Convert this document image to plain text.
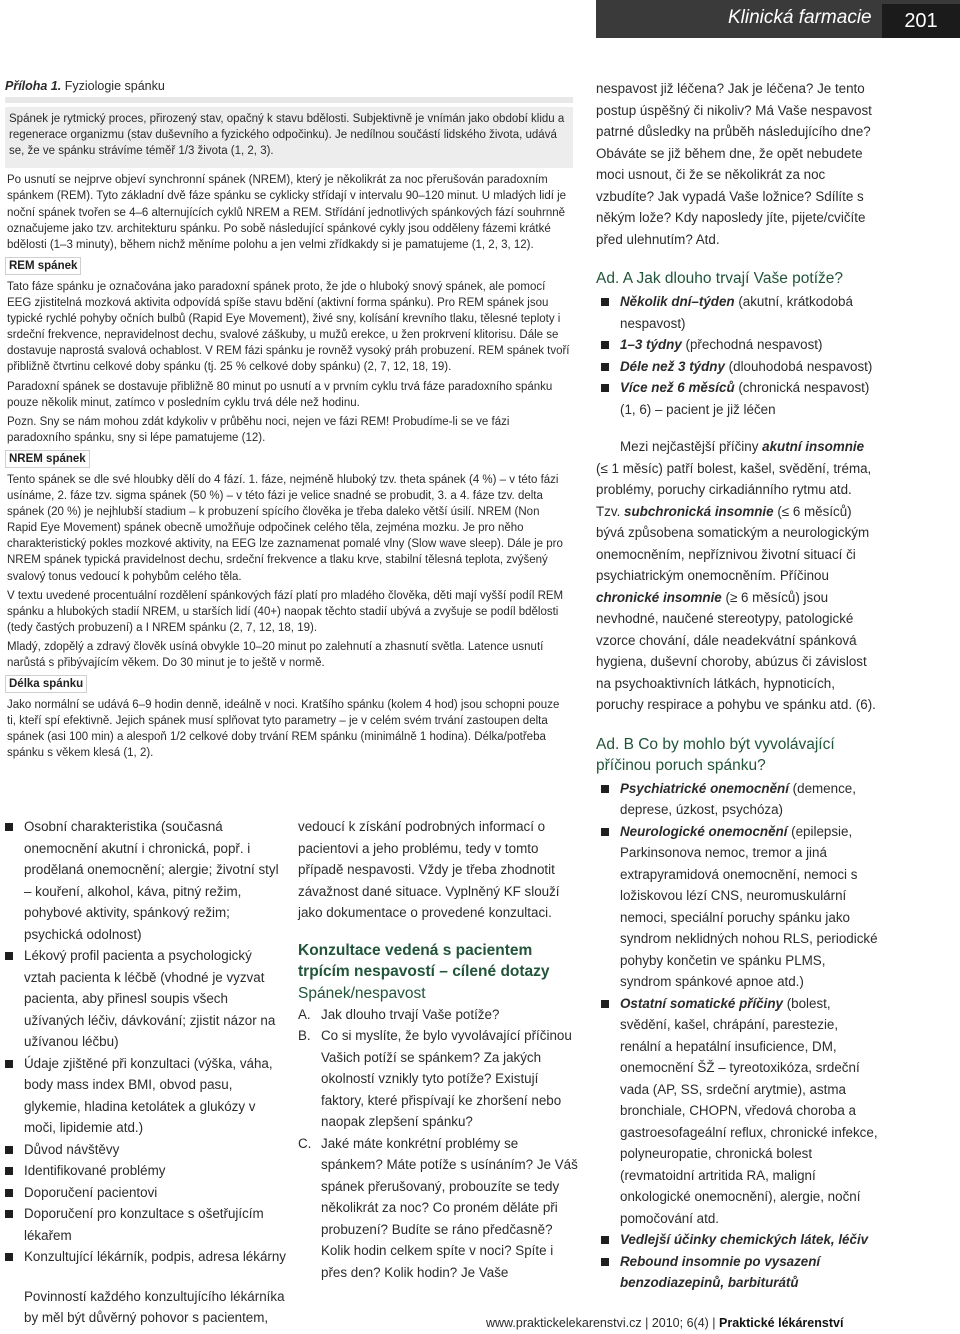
Klinická farmacie	201
Příloha 1. Fyziologie spánku
Spánek je rytmický proces, přirozený stav, opačný k stavu bdělosti. Subjektivně je vnímán jako období klidu a regenerace organizmu (stav duševního a fyzického odpočinku). Je nedílnou součástí lidského života, udává se, že ve spánku strávíme téměř 1/3 života (1, 2, 3).
Po usnutí se nejprve objeví synchronní spánek (NREM), který je několikrát za noc přerušován paradoxním spánkem (REM). Tyto základní dvě fáze spánku se cyklicky střídají v intervalu 90–120 minut. U mladých lidí je noční spánek tvořen se 4–6 alternujících cyklů NREM a REM. Střídání jednotlivých spánkových fází souhrnně označujeme jako tzv. architekturu spánku. Po sobě následující spánkové cykly jsou odděleny fázemi krátké bdělosti (1–3 minuty), během nichž měníme polohu a jen velmi zřídkakdy si je pamatujeme (1, 2, 3, 12).
REM spánek
Tato fáze spánku je označována jako paradoxní spánek proto, že jde o hluboký snový spánek, ale pomocí EEG zjistitelná mozková aktivita odpovídá spíše stavu bdění (aktivní forma spánku). Pro REM spánek jsou typické rychlé pohyby očních bulbů (Rapid Eye Movement), živé sny, kolísání krevního tlaku, tělesné teploty i srdeční frekvence, nepravidelnost dechu, svalové záškuby, u mužů erekce, u žen prokrvení klitorisu. Dále se dostavuje naprostá svalová ochablost. V REM fázi spánku je rovněž vysoký práh probuzení. REM spánek tvoří přibližně čtvrtinu celkové doby spánku (tj. 25 % celkové doby spánku) (2, 7, 12, 18, 19).
Paradoxní spánek se dostavuje přibližně 80 minut po usnutí a v prvním cyklu trvá fáze paradoxního spánku pouze několik minut, zatímco v posledním cyklu trvá déle než hodinu.
Pozn. Sny se nám mohou zdát kdykoliv v průběhu noci, nejen ve fázi REM! Probudíme-li se ve fázi paradoxního spánku, sny si lépe pamatujeme (12).
NREM spánek
Tento spánek se dle své hloubky dělí do 4 fází. 1. fáze, nejméně hluboký tzv. theta spánek (4 %) – v této fázi usínáme, 2. fáze tzv. sigma spánek (50 %) – v této fázi je velice snadné se probudit, 3. a 4. fáze tzv. delta spánek (20 %) je nejhlubší stadium – k probuzení spícího člověka je třeba daleko větší úsilí. NREM (Non Rapid Eye Movement) spánek obecně umožňuje odpočinek celého těla, zejména mozku. Je pro něho charakteristický pokles mozkové aktivity, na EEG lze zaznamenat pomalé vlny (Slow wave sleep). Dále je pro NREM spánek typická pravidelnost dechu, srdeční frekvence a tlaku krve, stabilní tělesná teplota, zvýšený svalový tonus vedoucí k pohybům celého těla.
V textu uvedené procentuální rozdělení spánkových fází platí pro mladého člověka, děti mají vyšší podíl REM spánku a hlubokých stadií NREM, u starších lidí (40+) naopak těchto stadií ubývá a zvyšuje se podíl bdělosti (tedy častých probuzení) a I NREM spánku (2, 7, 12, 18, 19).
Mladý, zdopělý a zdravý člověk usíná obvykle 10–20 minut po zalehnutí a zhasnutí světla. Latence usnutí narůstá s přibývajícím věkem. Do 30 minut je to ještě v normě.
Délka spánku
Jako normální se udává 6–9 hodin denně, ideálně v noci. Kratšího spánku (kolem 4 hod) jsou schopni pouze ti, kteří spí efektivně. Jejich spánek musí splňovat tyto parametry – je v celém svém trvání zastoupen delta spánek (asi 100 min) a alespoň 1/2 celkové doby trvání REM spánku (minimálně 1 hodina). Délka/potřeba spánku s věkem klesá (1, 2).
Osobní charakteristika (současná onemocnění akutní i chronická, popř. i prodělaná onemocnění; alergie; životní styl – kouření, alkohol, káva, pitný režim, pohybové aktivity, spánkový režim; psychická odolnost)
Lékový profil pacienta a psychologický vztah pacienta k léčbě (vhodné je vyzvat pacienta, aby přinesl soupis všech užívaných léčiv, dávkování; zjistit názor na užívanou léčbu)
Údaje zjištěné při konzultaci (výška, váha, body mass index BMI, obvod pasu, glykemie, hladina ketolátek a glukózy v moči, lipidemie atd.)
Důvod návštěvy
Identifikované problémy
Doporučení pacientovi
Doporučení pro konzultace s ošetřujícím lékařem
Konzultující lékárník, podpis, adresa lékárny
Povinností každého konzultujícího lékárníka by měl být důvěrný pohovor s pacientem,
vedoucí k získání podrobných informací o pacientovi a jeho problému, tedy v tomto případě nespavosti. Vždy je třeba zhodnotit závažnost dané situace. Vyplněný KF slouží jako dokumentace o provedené konzultaci.
Konzultace vedená s pacientem trpícím nespavostí – cílené dotazy
Spánek/nespavost
A. Jak dlouho trvají Vaše potíže?
B. Co si myslíte, že bylo vyvolávající příčinou Vašich potíží se spánkem? Za jakých okolností vznikly tyto potíže? Existují faktory, které přispívají ke zhoršení nebo naopak zlepšení spánku?
C. Jaké máte konkrétní problémy se spánkem? Máte potíže s usínáním? Je Váš spánek přerušovaný, probouzíte se tedy několikrát za noc? Co proném děláte při probuzení? Budíte se ráno předčasně? Kolik hodin celkem spíte v noci? Spíte i přes den? Kolik hodin? Je Vaše
nespavost již léčena? Jak je léčena? Je tento postup úspěšný či nikoliv? Má Vaše nespavost patrné důsledky na průběh následujícího dne? Obáváte se již během dne, že opět nebudete moci usnout, či že se několikrát za noc vzbudíte? Jak vypadá Vaše ložnice? Sdílíte s někým lože? Kdy naposledy jíte, pijete/cvičíte před ulehnutím? Atd.
Ad. A Jak dlouho trvají Vaše potíže?
Několik dní–týden (akutní, krátkodobá nespavost)
1–3 týdny (přechodná nespavost)
Déle než 3 týdny (dlouhodobá nespavost)
Více než 6 měsíců (chronická nespavost) (1, 6) – pacient je již léčen
Mezi nejčastější příčiny akutní insomnie (≤ 1 měsíc) patří bolest, kašel, svědění, tréma, problémy, poruchy cirkadiánního rytmu atd. Tzv. subchronická insomnie (≤ 6 měsíců) bývá způsobena somatickým a neurologickým onemocněním, nepříznivou životní situací či psychiatrickým onemocněním. Příčinou chronické insomnie (≥ 6 měsíců) jsou nevhodné, naučené stereotypy, patologické vzorce chování, dále neadekvátní spánková hygiena, duševní choroby, abúzus či závislost na psychoaktivních látkách, hypnoticích, poruchy respirace a pohybu ve spánku atd. (6).
Ad. B Co by mohlo být vyvolávající příčinou poruch spánku?
Psychiatrické onemocnění (demence, deprese, úzkost, psychóza)
Neurologické onemocnění (epilepsie, Parkinsonova nemoc, tremor a jiná extrapyramidová onemocnění, nemoci s ložiskovou lézí CNS, neuromuskulární nemoci, speciální poruchy spánku jako syndrom neklidných nohou RLS, periodické pohyby končetin ve spánku PLMS, syndrom spánkové apnoe atd.)
Ostatní somatické příčiny (bolest, svědění, kašel, chrápání, parestezie, renální a hepatální insuficience, DM, onemocnění ŠŽ – tyreotoxikóza, srdeční vada (AP, SS, srdeční arytmie), astma bronchiale, CHOPN, vředová choroba a gastroesofageální reflux, chronické infekce, polyneuropatie, chronická bolest (revmatoidní artritida RA, maligní onkologické onemocnění), alergie, noční pomočování atd.
Vedlejší účinky chemických látek, léčiv
Rebound insomnie po vysazení benzodiazepinů, barbiturátů
www.praktickelekarenstvi.cz | 2010; 6(4) | Praktické lékárenství
